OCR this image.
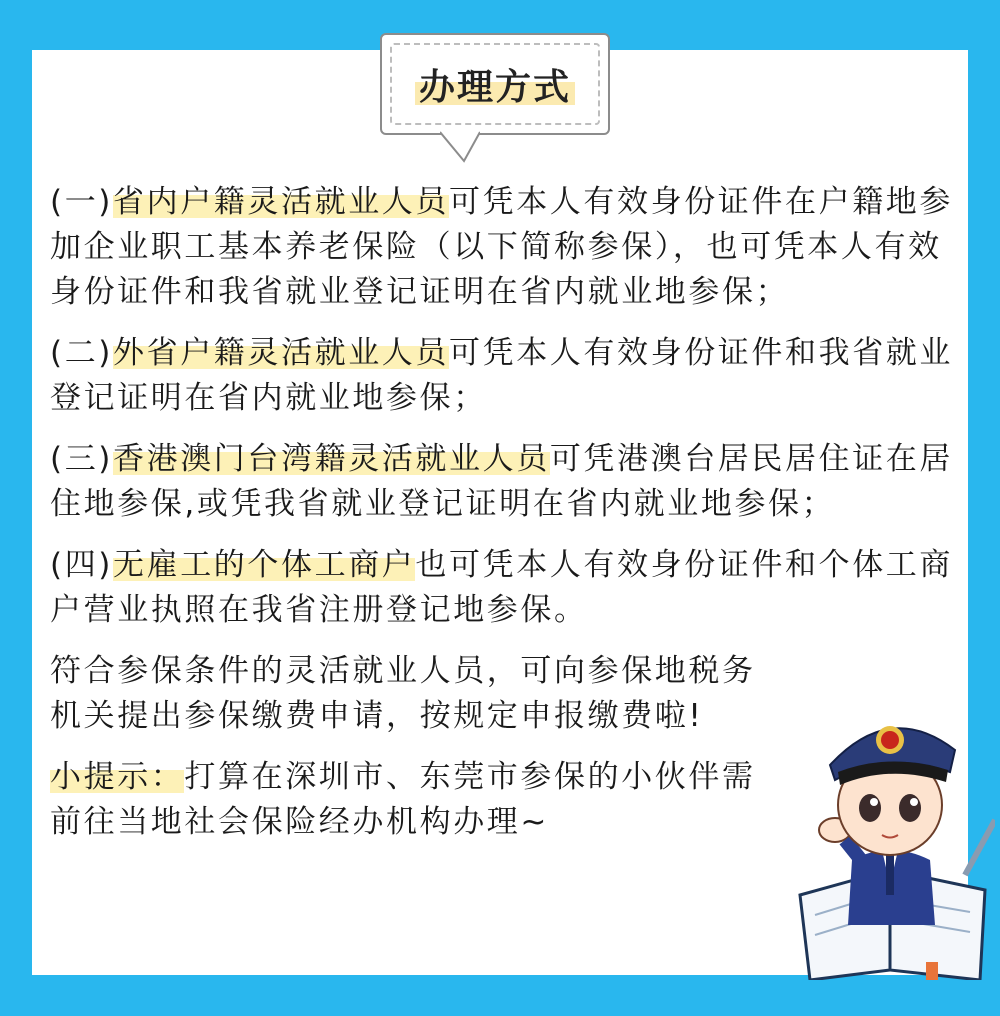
办理方式

(一)省内户籍灵活就业人员可凭本人有效身份证件在户籍地参加企业职工基本养老保险（以下简称参保），也可凭本人有效身份证件和我省就业登记证明在省内就业地参保；

(二)外省户籍灵活就业人员可凭本人有效身份证件和我省就业登记证明在省内就业地参保；

(三)香港澳门台湾籍灵活就业人员可凭港澳台居民居住证在居住地参保,或凭我省就业登记证明在省内就业地参保；

(四)无雇工的个体工商户也可凭本人有效身份证件和个体工商户营业执照在我省注册登记地参保。

符合参保条件的灵活就业人员，可向参保地税务机关提出参保缴费申请，按规定申报缴费啦!

小提示：打算在深圳市、东莞市参保的小伙伴需前往当地社会保险经办机构办理~
